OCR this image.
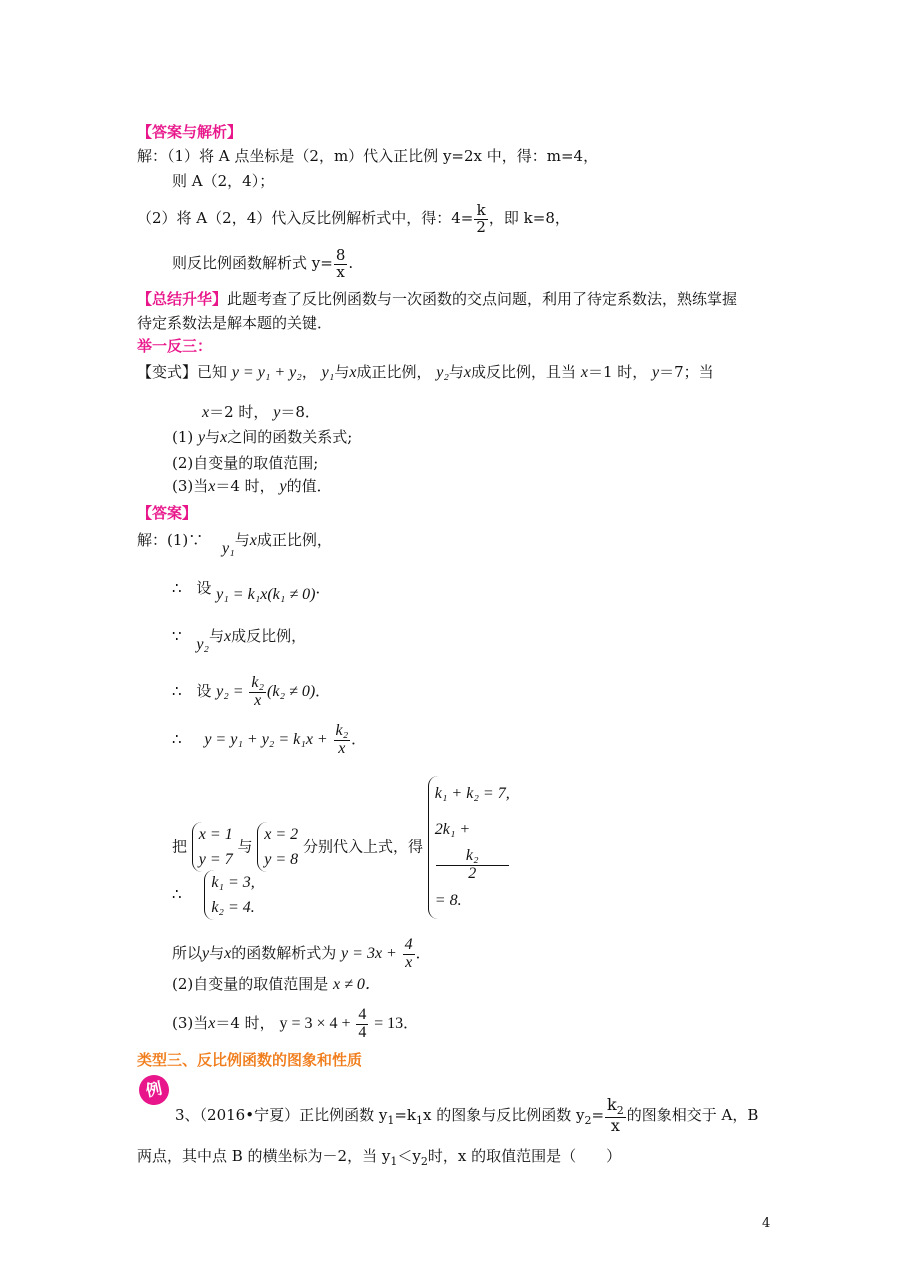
【答案与解析】
解：（1）将 A 点坐标是（2，m）代入正比例 y=2x 中，得：m=4，
则 A（2，4）；
（2）将 A（2，4）代入反比例解析式中，得：$4= \frac{k}{2}$ ，即 k=8，
则反比例函数解析式 $y= \frac{8}{x}$ .
【总结升华】此题考查了反比例函数与一次函数的交点问题，利用了待定系数法，熟练掌握
待定系数法是解本题的关键．
举一反三：
【变式】已知 y = y₁ + y₂， y₁与x成正比例， y₂与x成反比例，且当 x＝1 时， y＝7；当
x＝2 时， y＝8．
(1) y与x之间的函数关系式;
(2)自变量的取值范围;
(3)当x＝4 时， y的值．
【答案】
解：(1)∵ y₁与x成正比例，
∴ 设 y₁ = k₁x(k₁ ≠ 0)．
∵ y₂与x成反比例，
∴ 设 $y_2 = \frac{\text{k₂}}{x} (k_2 \ne 0)$．
∴ $y = y_1 + y_2 = k_1x + \frac{\text{k₂}}{x}$ ．
把
x = 1
y = 7
与
x = 2
y = 8
分别代入上式，得
k₁ + k₂ = 7,
2k₁ +
k₂
2
= 8.
∴
k₁ = 3,
k₂ = 4.
所以y与x的函数解析式为 $y = 3x + \frac{4}{x}$ ．
(2)自变量的取值范围是 x ≠ 0．
(3)当x＝4 时， $y = 3 \times 4 + \frac{4}{4} = 13$．
类型三、反比例函数的图象和性质
例
3、（2016•宁夏）正比例函数 $y_1=k_1x$ 的图象与反比例函数 $y_2= \frac{k_2}{x}$ 的图象相交于 A，B
两点，其中点 B 的横坐标为－2，当 $y_1<y_2$时，x 的取值范围是（　　）
4
